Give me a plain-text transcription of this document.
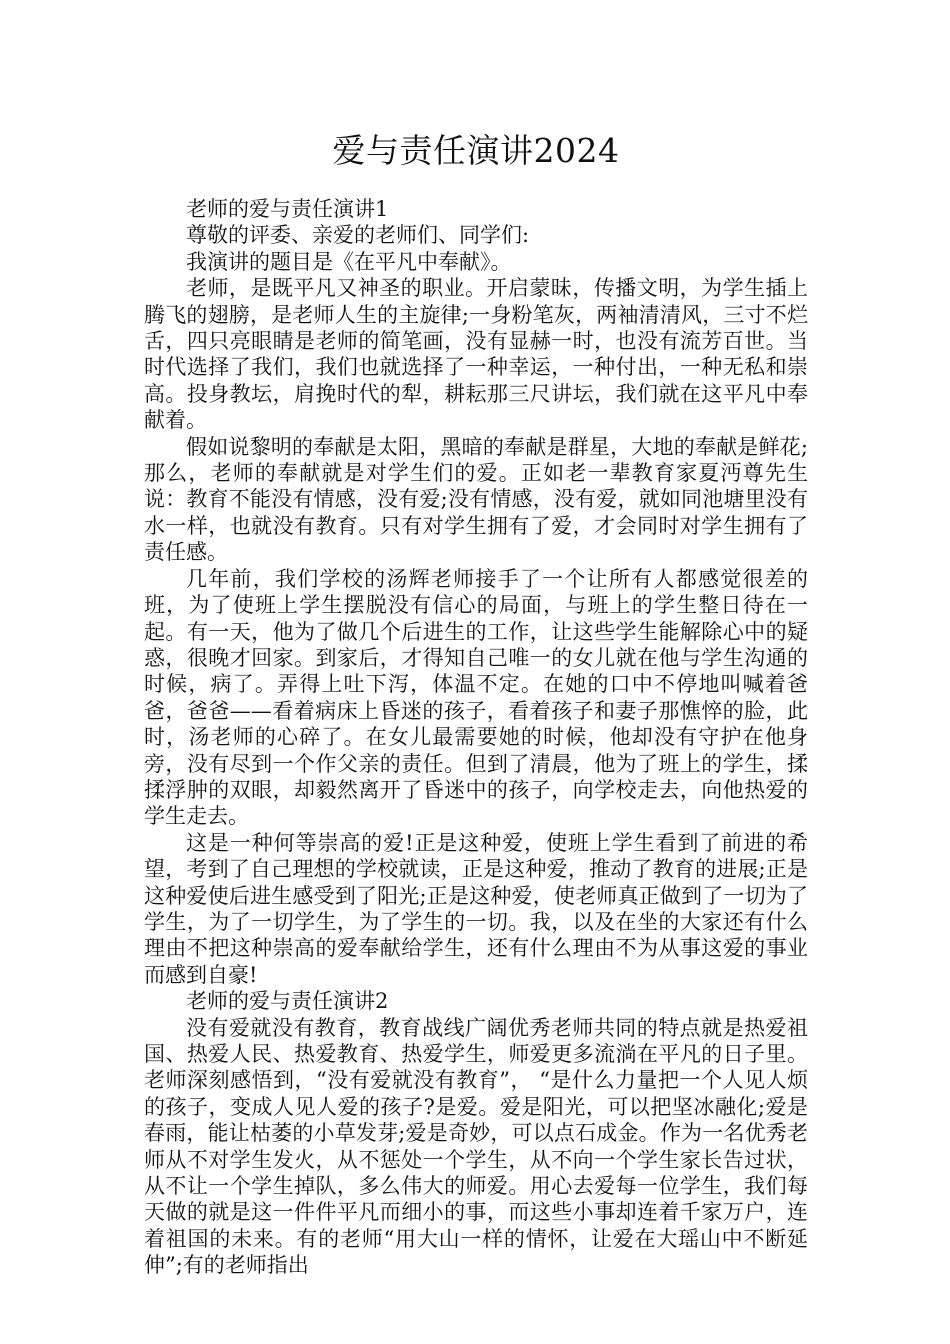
爱与责任演讲2024

老师的爱与责任演讲1

尊敬的评委、亲爱的老师们、同学们:

我演讲的题目是《在平凡中奉献》。

老师，是既平凡又神圣的职业。开启蒙昧，传播文明，为学生插上腾飞的翅膀，是老师人生的主旋律;一身粉笔灰，两袖清清风，三寸不烂舌，四只亮眼睛是老师的简笔画，没有显赫一时，也没有流芳百世。当时代选择了我们，我们也就选择了一种幸运，一种付出，一种无私和崇高。投身教坛，肩挽时代的犁，耕耘那三尺讲坛，我们就在这平凡中奉献着。

假如说黎明的奉献是太阳，黑暗的奉献是群星，大地的奉献是鲜花;那么，老师的奉献就是对学生们的爱。正如老一辈教育家夏沔尊先生说：教育不能没有情感，没有爱;没有情感，没有爱，就如同池塘里没有水一样，也就没有教育。只有对学生拥有了爱，才会同时对学生拥有了责任感。

几年前，我们学校的汤辉老师接手了一个让所有人都感觉很差的班，为了使班上学生摆脱没有信心的局面，与班上的学生整日待在一起。有一天，他为了做几个后进生的工作，让这些学生能解除心中的疑惑，很晚才回家。到家后，才得知自己唯一的女儿就在他与学生沟通的时候，病了。弄得上吐下泻，体温不定。在她的口中不停地叫喊着爸爸，爸爸——看着病床上昏迷的孩子，看着孩子和妻子那憔悴的脸，此时，汤老师的心碎了。在女儿最需要她的时候，他却没有守护在他身旁，没有尽到一个作父亲的责任。但到了清晨，他为了班上的学生，揉揉浮肿的双眼，却毅然离开了昏迷中的孩子，向学校走去，向他热爱的学生走去。

这是一种何等崇高的爱!正是这种爱，使班上学生看到了前进的希望，考到了自己理想的学校就读，正是这种爱，推动了教育的进展;正是这种爱使后进生感受到了阳光;正是这种爱，使老师真正做到了一切为了学生，为了一切学生，为了学生的一切。我，以及在坐的大家还有什么理由不把这种崇高的爱奉献给学生，还有什么理由不为从事这爱的事业而感到自豪!

老师的爱与责任演讲2

没有爱就没有教育，教育战线广阔优秀老师共同的特点就是热爱祖国、热爱人民、热爱教育、热爱学生，师爱更多流淌在平凡的日子里。老师深刻感悟到，“没有爱就没有教育”， “是什么力量把一个人见人烦的孩子，变成人见人爱的孩子?是爱。爱是阳光，可以把坚冰融化;爱是春雨，能让枯萎的小草发芽;爱是奇妙，可以点石成金。作为一名优秀老师从不对学生发火，从不惩处一个学生，从不向一个学生家长告过状，从不让一个学生掉队，多么伟大的师爱。用心去爱每一位学生，我们每天做的就是这一件件平凡而细小的事，而这些小事却连着千家万户，连着祖国的未来。有的老师“用大山一样的情怀，让爱在大瑶山中不断延伸”;有的老师指出
